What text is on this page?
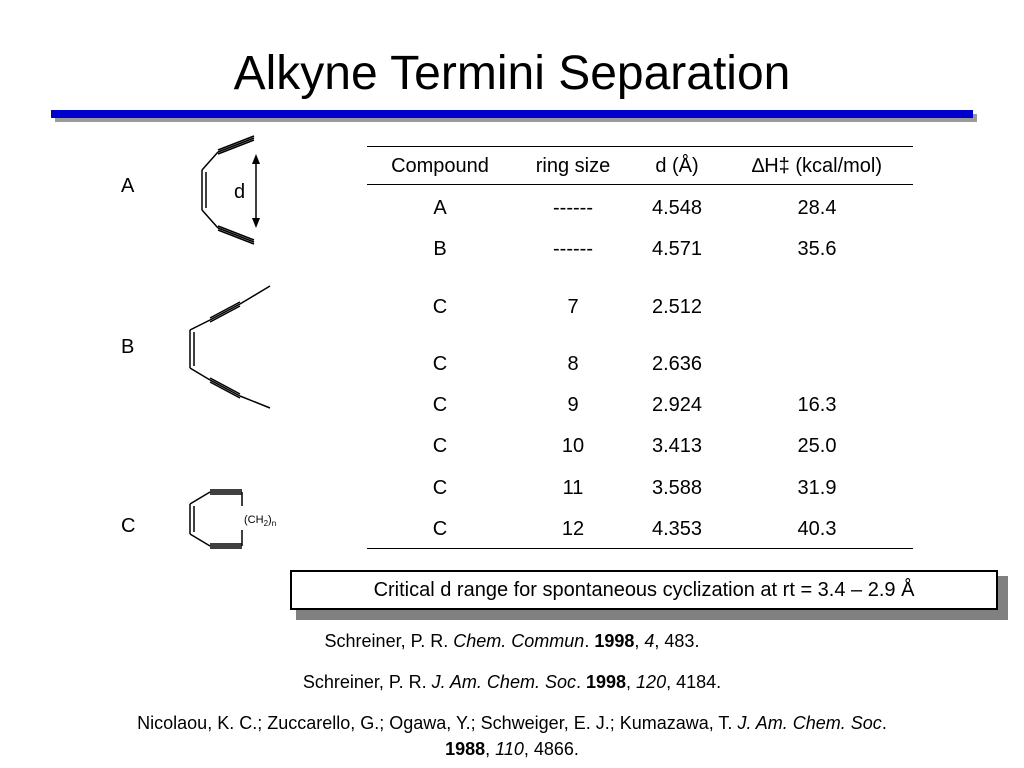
Alkyne Termini Separation
A
B
C
d
$(CH_2)_n$
Compound	ring size	d (Å)	∆H‡ (kcal/mol)
A	------	4.548	28.4
B	------	4.571	35.6
C	7	2.512
C	8	2.636
C	9	2.924	16.3
C	10	3.413	25.0
C	11	3.588	31.9
C	12	4.353	40.3
Critical d range for spontaneous cyclization at rt = 3.4 – 2.9 Å
Schreiner, P. R. Chem. Commun. 1998, 4, 483.
Schreiner, P. R. J. Am. Chem. Soc. 1998, 120, 4184.
Nicolaou, K. C.; Zuccarello, G.; Ogawa, Y.; Schweiger, E. J.; Kumazawa, T. J. Am. Chem. Soc.
1988, 110, 4866.
